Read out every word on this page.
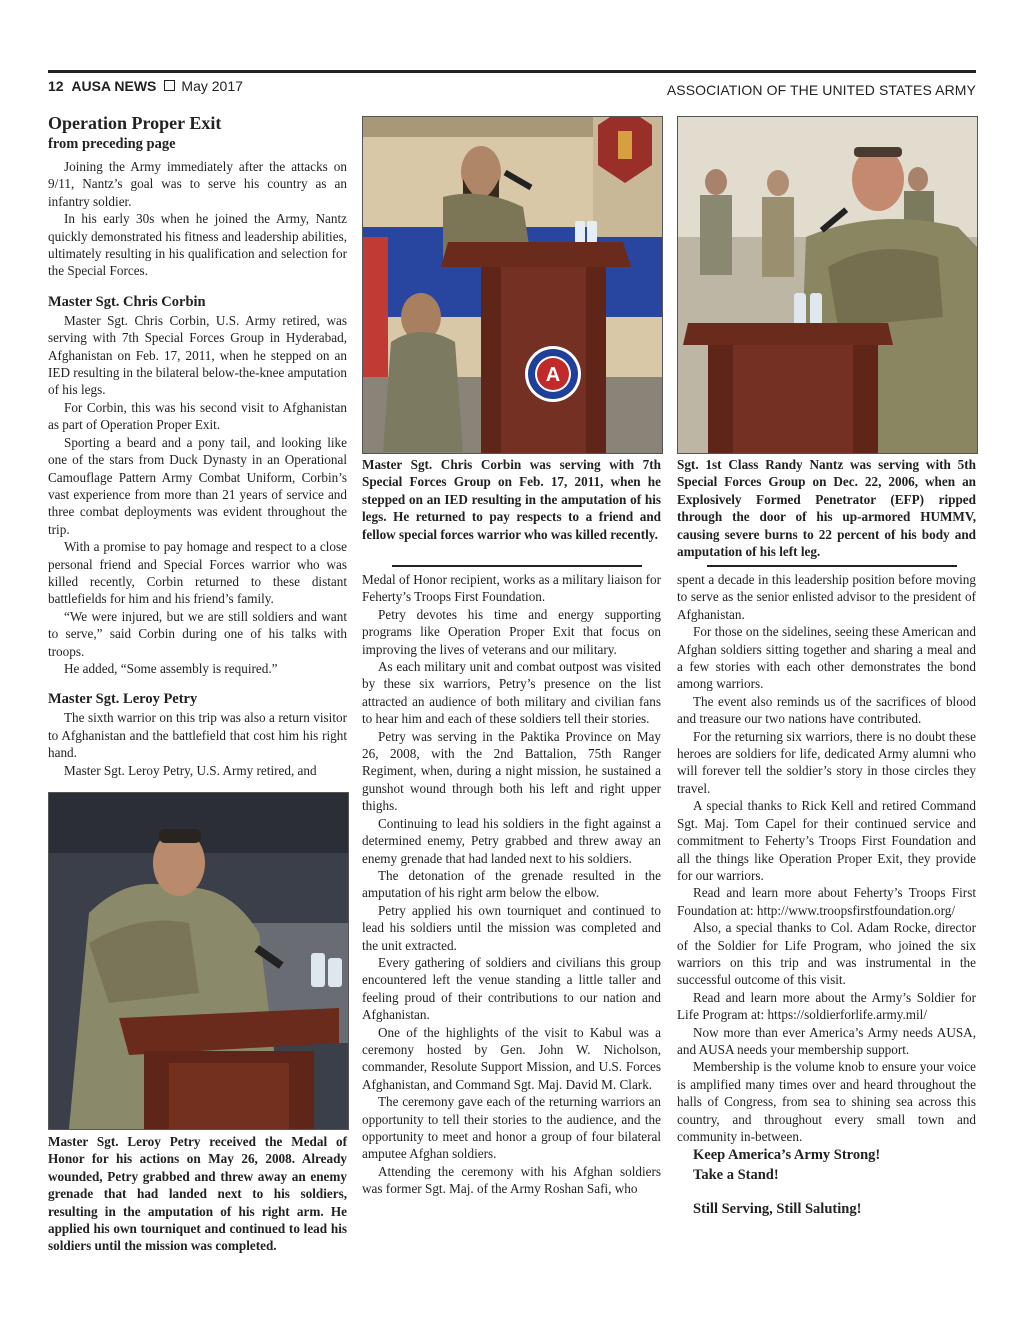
12 AUSA NEWS May 2017	ASSOCIATION OF THE UNITED STATES ARMY
Operation Proper Exit
from preceding page

Joining the Army immediately after the attacks on 9/11, Nantz’s goal was to serve his country as an infantry soldier.

In his early 30s when he joined the Army, Nantz quickly demonstrated his fitness and leadership abilities, ultimately resulting in his qualification and selection for the Special Forces.

Master Sgt. Chris Corbin

Master Sgt. Chris Corbin, U.S. Army retired, was serving with 7th Special Forces Group in Hyderabad, Afghanistan on Feb. 17, 2011, when he stepped on an IED resulting in the bilateral below-the-knee amputation of his legs.

For Corbin, this was his second visit to Afghanistan as part of Operation Proper Exit.

Sporting a beard and a pony tail, and looking like one of the stars from Duck Dynasty in an Operational Camouflage Pattern Army Combat Uniform, Corbin’s vast experience from more than 21 years of service and three combat deployments was evident throughout the trip.

With a promise to pay homage and respect to a close personal friend and Special Forces warrior who was killed recently, Corbin returned to these distant battlefields for him and his friend’s family.

“We were injured, but we are still soldiers and want to serve,” said Corbin during one of his talks with troops.

He added, “Some assembly is required.”

Master Sgt. Leroy Petry

The sixth warrior on this trip was also a return visitor to Afghanistan and the battlefield that cost him his right hand.

Master Sgt. Leroy Petry, U.S. Army retired, and

Master Sgt. Leroy Petry received the Medal of Honor for his actions on May 26, 2008. Already wounded, Petry grabbed and threw away an enemy grenade that had landed next to his soldiers, resulting in the amputation of his right arm. He applied his own tourniquet and continued to lead his soldiers until the mission was completed.
A
Master Sgt. Chris Corbin was serving with 7th Special Forces Group on Feb. 17, 2011, when he stepped on an IED resulting in the amputation of his legs. He returned to pay respects to a friend and fellow special forces warrior who was killed recently.
Sgt. 1st Class Randy Nantz was serving with 5th Special Forces Group on Dec. 22, 2006, when an Explosively Formed Penetrator (EFP) ripped through the door of his up-armored HUMMV, causing severe burns to 22 percent of his body and amputation of his left leg.

Medal of Honor recipient, works as a military liaison for Feherty’s Troops First Foundation.

Petry devotes his time and energy supporting programs like Operation Proper Exit that focus on improving the lives of veterans and our military.

As each military unit and combat outpost was visited by these six warriors, Petry’s presence on the list attracted an audience of both military and civilian fans to hear him and each of these soldiers tell their stories.

Petry was serving in the Paktika Province on May 26, 2008, with the 2nd Battalion, 75th Ranger Regiment, when, during a night mission, he sustained a gunshot wound through both his left and right upper thighs.

Continuing to lead his soldiers in the fight against a determined enemy, Petry grabbed and threw away an enemy grenade that had landed next to his soldiers.

The detonation of the grenade resulted in the amputation of his right arm below the elbow.

Petry applied his own tourniquet and continued to lead his soldiers until the mission was completed and the unit extracted.

Every gathering of soldiers and civilians this group encountered left the venue standing a little taller and feeling proud of their contributions to our nation and Afghanistan.

One of the highlights of the visit to Kabul was a ceremony hosted by Gen. John W. Nicholson, commander, Resolute Support Mission, and U.S. Forces Afghanistan, and Command Sgt. Maj. David M. Clark.

The ceremony gave each of the returning warriors an opportunity to tell their stories to the audience, and the opportunity to meet and honor a group of four bilateral amputee Afghan soldiers.

Attending the ceremony with his Afghan soldiers was former Sgt. Maj. of the Army Roshan Safi, who

spent a decade in this leadership position before moving to serve as the senior enlisted advisor to the president of Afghanistan.

For those on the sidelines, seeing these American and Afghan soldiers sitting together and sharing a meal and a few stories with each other demonstrates the bond among warriors.

The event also reminds us of the sacrifices of blood and treasure our two nations have contributed.

For the returning six warriors, there is no doubt these heroes are soldiers for life, dedicated Army alumni who will forever tell the soldier’s story in those circles they travel.

A special thanks to Rick Kell and retired Command Sgt. Maj. Tom Capel for their continued service and commitment to Feherty’s Troops First Foundation and all the things like Operation Proper Exit, they provide for our warriors.

Read and learn more about Feherty’s Troops First Foundation at: http://www.troopsfirstfoundation.org/

Also, a special thanks to Col. Adam Rocke, director of the Soldier for Life Program, who joined the six warriors on this trip and was instrumental in the successful outcome of this visit.

Read and learn more about the Army’s Soldier for Life Program at: https://soldierforlife.army.mil/

Now more than ever America’s Army needs AUSA, and AUSA needs your membership support.

Membership is the volume knob to ensure your voice is amplified many times over and heard throughout the halls of Congress, from sea to shining sea across this country, and throughout every small town and community in-between.

Keep America’s Army Strong!
Take a Stand!
Still Serving, Still Saluting!
